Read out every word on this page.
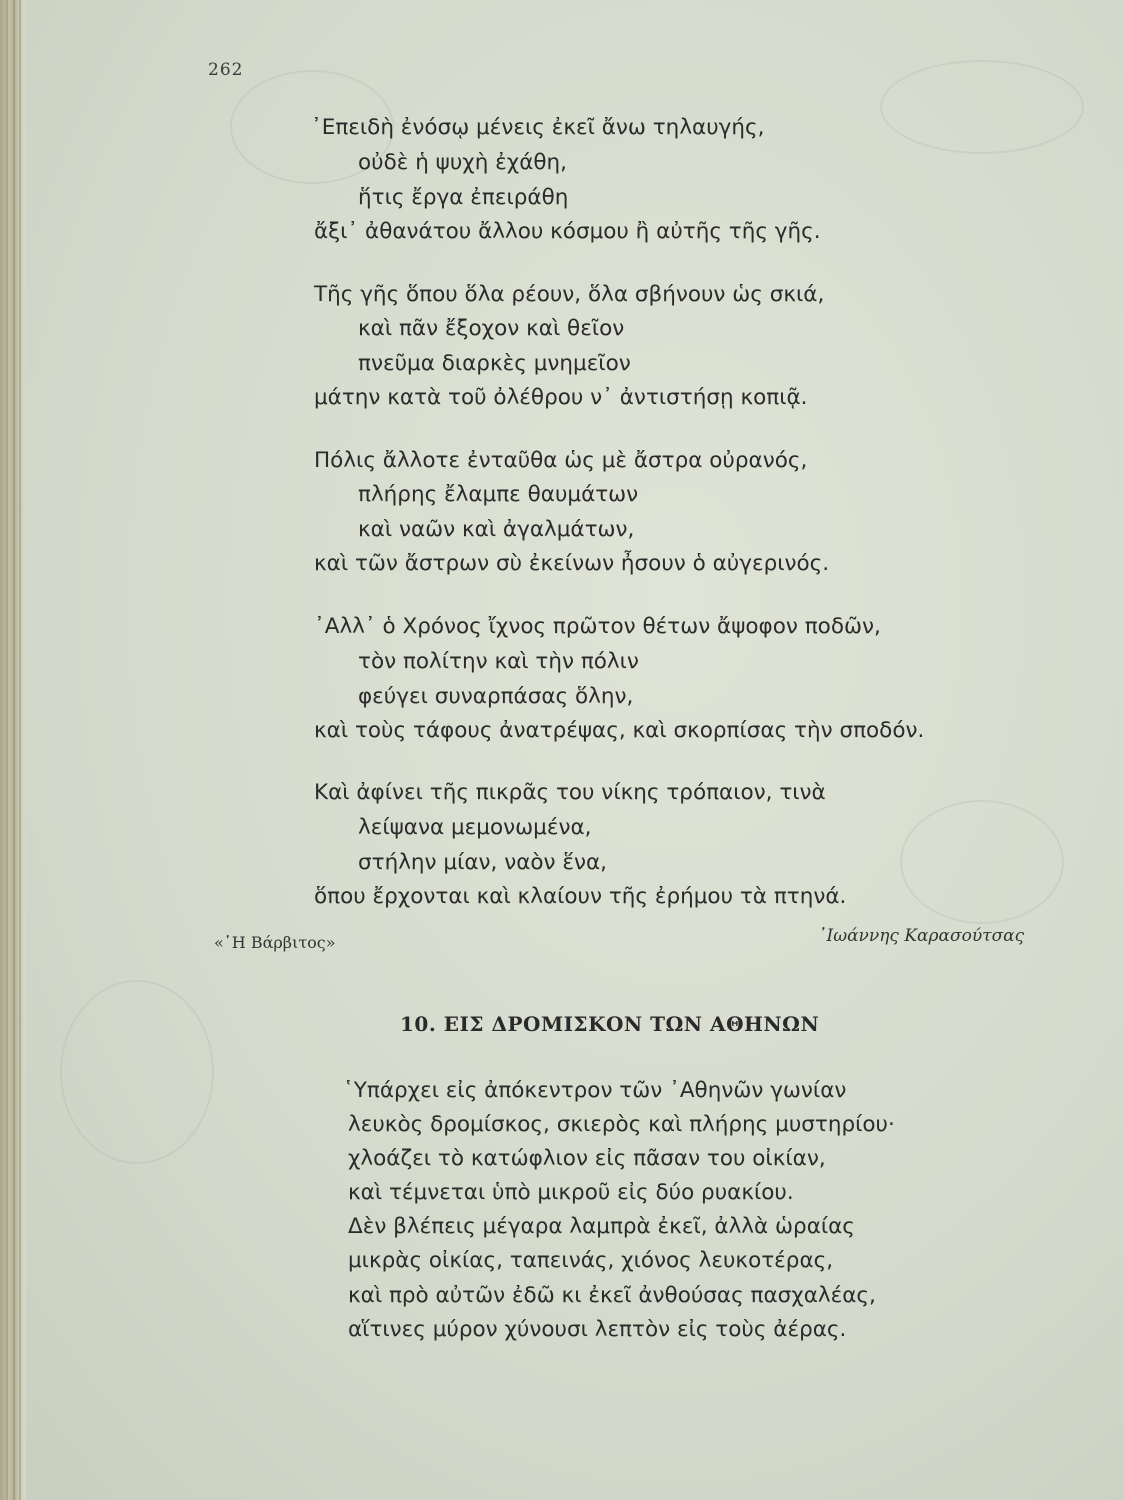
262
᾽Επειδὴ ἐνόσῳ μένεις ἐκεῖ ἄνω τηλαυγής,
οὐδὲ ἡ ψυχὴ ἐχάθη,
ἥτις ἔργα ἐπειράθη
ἄξι᾽ ἀθανάτου ἄλλου κόσμου ἢ αὐτῆς τῆς γῆς.
Τῆς γῆς ὅπου ὅλα ρέουν, ὅλα σβήνουν ὡς σκιά,
καὶ πᾶν ἔξοχον καὶ θεῖον
πνεῦμα διαρκὲς μνημεῖον
μάτην κατὰ τοῦ ὀλέθρου ν᾽ ἀντιστήσῃ κοπιᾷ.
Πόλις ἄλλοτε ἐνταῦθα ὡς μὲ ἄστρα οὐρανός,
πλήρης ἔλαμπε θαυμάτων
καὶ ναῶν καὶ ἀγαλμάτων,
καὶ τῶν ἄστρων σὺ ἐκείνων ἦσουν ὁ αὐγερινός.
᾽Αλλ᾽ ὁ Χρόνος ἴχνος πρῶτον θέτων ἄψοφον ποδῶν,
τὸν πολίτην καὶ τὴν πόλιν
φεύγει συναρπάσας ὅλην,
καὶ τοὺς τάφους ἀνατρέψας, καὶ σκορπίσας τὴν σποδόν.
Καὶ ἀφίνει τῆς πικρᾶς του νίκης τρόπαιον, τινὰ
λείψανα μεμονωμένα,
στήλην μίαν, ναὸν ἕνα,
ὅπου ἔρχονται καὶ κλαίουν τῆς ἐρήμου τὰ πτηνά.
«῾Η Βάρβιτος»	᾽Ιωάννης Καρασούτσας
10. ΕΙΣ ΔΡΟΜΙΣΚΟΝ ΤΩΝ ΑΘΗΝΩΝ
῾Υπάρχει εἰς ἀπόκεντρον τῶν ᾽Αθηνῶν γωνίαν
λευκὸς δρομίσκος, σκιερὸς καὶ πλήρης μυστηρίου·
χλοάζει τὸ κατώφλιον εἰς πᾶσαν του οἰκίαν,
καὶ τέμνεται ὑπὸ μικροῦ εἰς δύο ρυακίου.
Δὲν βλέπεις μέγαρα λαμπρὰ ἐκεῖ, ἀλλὰ ὡραίας
μικρὰς οἰκίας, ταπεινάς, χιόνος λευκοτέρας,
καὶ πρὸ αὐτῶν ἐδῶ κι ἐκεῖ ἀνθούσας πασχαλέας,
αἵτινες μύρον χύνουσι λεπτὸν εἰς τοὺς ἀέρας.
